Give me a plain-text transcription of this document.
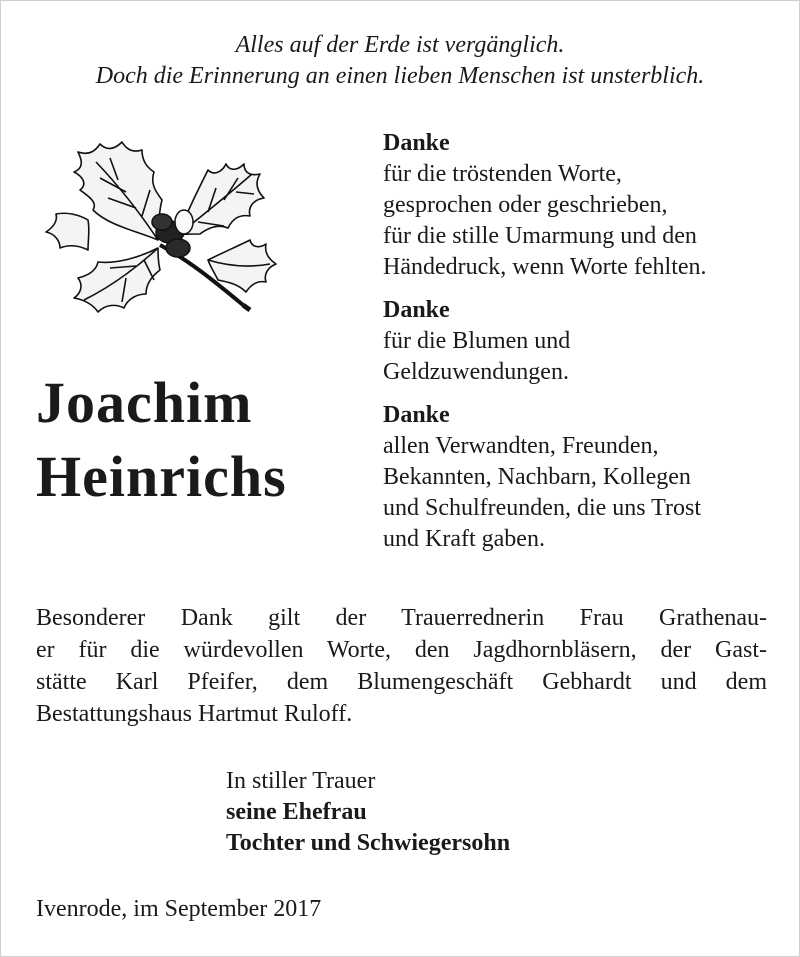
Alles auf der Erde ist vergänglich.
Doch die Erinnerung an einen lieben Menschen ist unsterblich.
Joachim
Heinrichs
Danke
für die tröstenden Worte,
gesprochen oder geschrieben,
für die stille Umarmung und den
Händedruck, wenn Worte fehlten.
Danke
für die Blumen und
Geldzuwendungen.
Danke
allen Verwandten, Freunden,
Bekannten, Nachbarn, Kollegen
und Schulfreunden, die uns Trost
und Kraft gaben.
Besonderer Dank gilt der Trauerrednerin Frau Grathenau-
er für die würdevollen Worte, den Jagdhornbläsern, der Gast-
stätte Karl Pfeifer, dem Blumengeschäft Gebhardt und dem
Bestattungshaus Hartmut Ruloff.
In stiller Trauer
seine Ehefrau
Tochter und Schwiegersohn
Ivenrode, im September 2017
